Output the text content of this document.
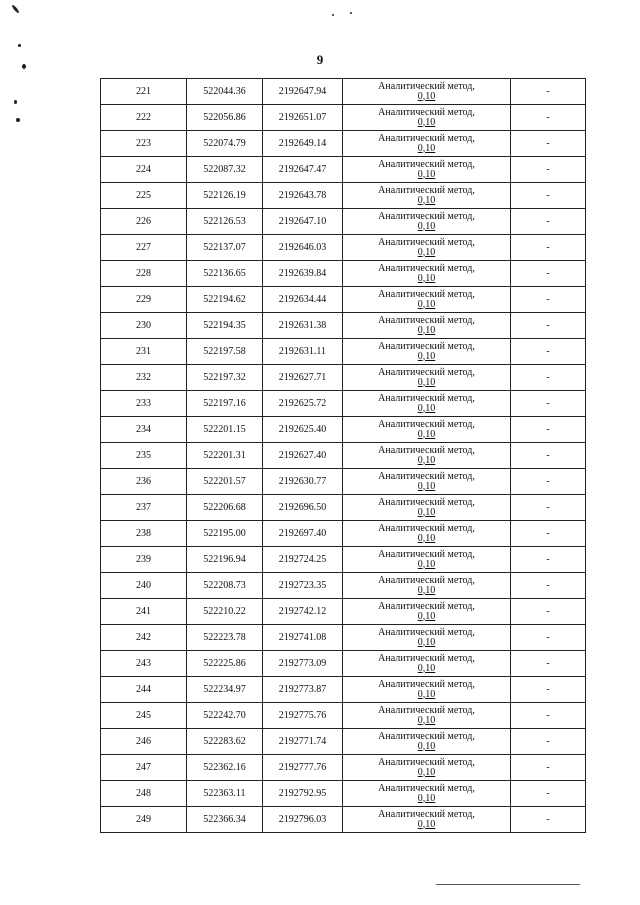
9
221	522044.36	2192647.94	Аналитический метод,
0,10	-
222	522056.86	2192651.07	Аналитический метод,
0,10	-
223	522074.79	2192649.14	Аналитический метод,
0,10	-
224	522087.32	2192647.47	Аналитический метод,
0,10	-
225	522126.19	2192643.78	Аналитический метод,
0,10	-
226	522126.53	2192647.10	Аналитический метод,
0,10	-
227	522137.07	2192646.03	Аналитический метод,
0,10	-
228	522136.65	2192639.84	Аналитический метод,
0,10	-
229	522194.62	2192634.44	Аналитический метод,
0,10	-
230	522194.35	2192631.38	Аналитический метод,
0,10	-
231	522197.58	2192631.11	Аналитический метод,
0,10	-
232	522197.32	2192627.71	Аналитический метод,
0,10	-
233	522197.16	2192625.72	Аналитический метод,
0,10	-
234	522201.15	2192625.40	Аналитический метод,
0,10	-
235	522201.31	2192627.40	Аналитический метод,
0,10	-
236	522201.57	2192630.77	Аналитический метод,
0,10	-
237	522206.68	2192696.50	Аналитический метод,
0,10	-
238	522195.00	2192697.40	Аналитический метод,
0,10	-
239	522196.94	2192724.25	Аналитический метод,
0,10	-
240	522208.73	2192723.35	Аналитический метод,
0,10	-
241	522210.22	2192742.12	Аналитический метод,
0,10	-
242	522223.78	2192741.08	Аналитический метод,
0,10	-
243	522225.86	2192773.09	Аналитический метод,
0,10	-
244	522234.97	2192773.87	Аналитический метод,
0,10	-
245	522242.70	2192775.76	Аналитический метод,
0,10	-
246	522283.62	2192771.74	Аналитический метод,
0,10	-
247	522362.16	2192777.76	Аналитический метод,
0,10	-
248	522363.11	2192792.95	Аналитический метод,
0,10	-
249	522366.34	2192796.03	Аналитический метод,
0,10	-
